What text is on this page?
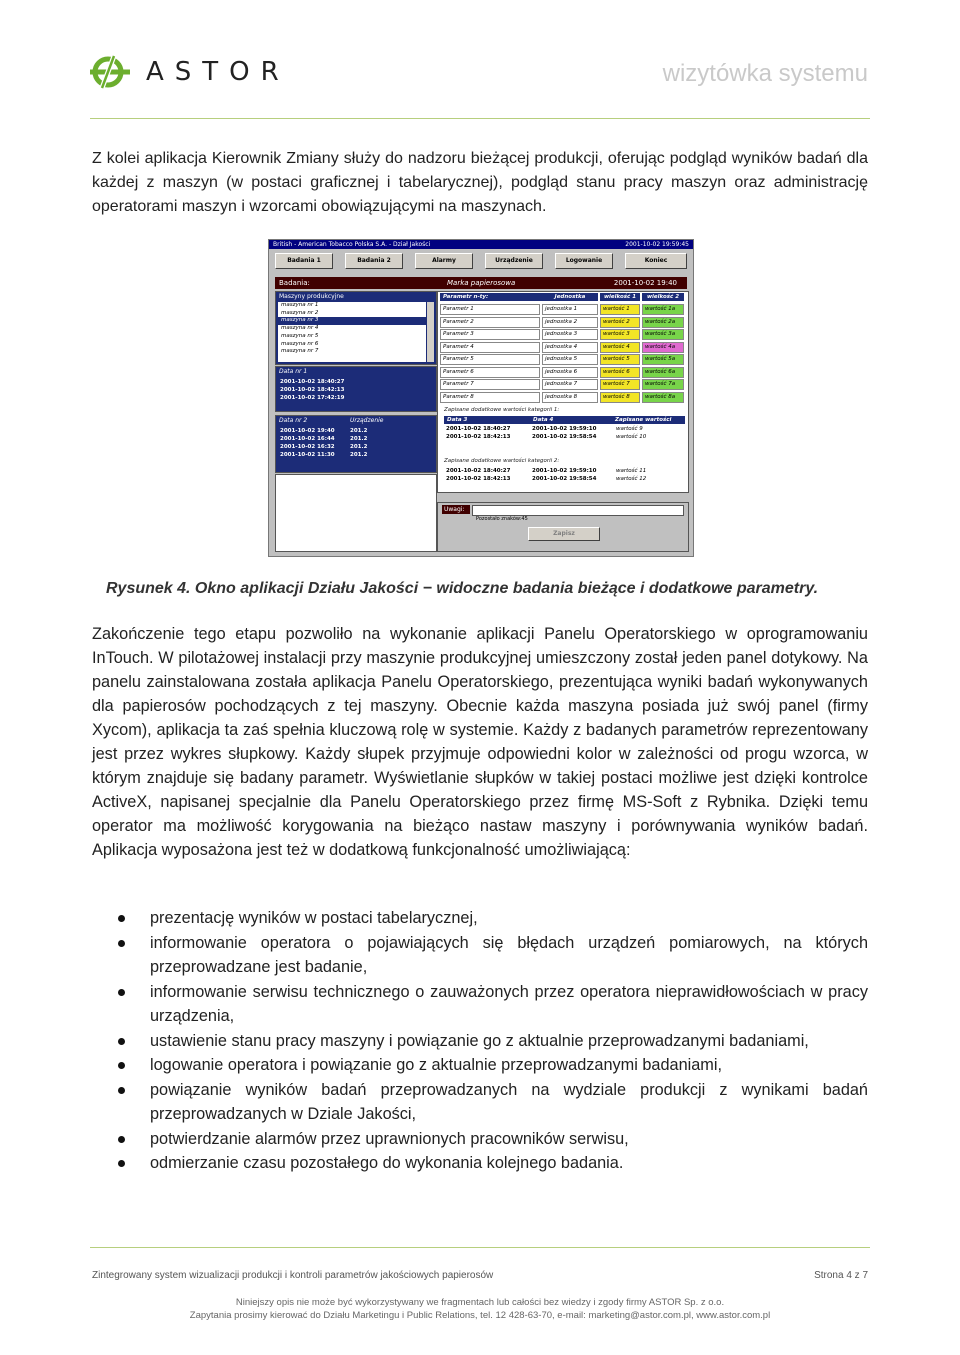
ASTOR	wizytówka systemu
Z kolei aplikacja Kierownik Zmiany służy do nadzoru bieżącej produkcji, oferując podgląd wyników badań dla każdej z maszyn (w postaci graficznej i tabelarycznej), podgląd stanu pracy maszyn oraz administrację operatorami maszyn i wzorcami obowiązującymi na maszynach.
British - American Tobacco Polska S.A. - Dział Jakości	2001-10-02 19:59:45
Badania 1	Badania 2	Alarmy	Urządzenie	Logowanie	Koniec
Badania:	Marka papierosowa	2001-10-02 19:40
Maszyny produkcyjne
maszyna nr 1
maszyna nr 2
maszyna nr 3
maszyna nr 4
maszyna nr 5
maszyna nr 6
maszyna nr 7
Data nr 1
2001-10-02 18:40:27
2001-10-02 18:42:13
2001-10-02 17:42:19
Data nr 2	Urządzenie
2001-10-02 19:40	201.2
2001-10-02 16:44	201.2
2001-10-02 16:32	201.2
2001-10-02 11:30	201.2
Parametr n-ty:	Jednostka	wielkość 1	wielkość 2
Parametr 1	jednostka 1	wartość 1	wartość 1a
Parametr 2	jednostka 2	wartość 2	wartość 2a
Parametr 3	jednostka 3	wartość 3	wartość 3a
Parametr 4	jednostka 4	wartość 4	wartość 4a
Parametr 5	jednostka 5	wartość 5	wartość 5a
Parametr 6	jednostka 6	wartość 6	wartość 6a
Parametr 7	jednostka 7	wartość 7	wartość 7a
Parametr 8	jednostka 8	wartość 8	wartość 8a
Zapisane dodatkowe wartości kategorii 1:
Data 3	Data 4	Zapisane wartości
2001-10-02 18:40:27	2001-10-02 19:59:10	wartość 9
2001-10-02 18:42:13	2001-10-02 19:58:54	wartość 10
Zapisane dodatkowe wartości kategorii 2:
2001-10-02 18:40:27	2001-10-02 19:59:10	wartość 11
2001-10-02 18:42:13	2001-10-02 19:58:54	wartość 12
Uwagi:
Pozostało znaków:45
Zapisz
Rysunek 4. Okno aplikacji Działu Jakości − widoczne badania bieżące i dodatkowe parametry.
Zakończenie tego etapu pozwoliło na wykonanie aplikacji Panelu Operatorskiego w oprogramowaniu InTouch. W pilotażowej instalacji przy maszynie produkcyjnej umieszczony został jeden panel dotykowy. Na panelu zainstalowana została aplikacja Panelu Operatorskiego, prezentująca wyniki badań wykonywanych dla papierosów pochodzących z tej maszyny. Obecnie każda maszyna posiada już swój panel (firmy Xycom), aplikacja ta zaś spełnia kluczową rolę w systemie. Każdy z badanych parametrów reprezentowany jest przez wykres słupkowy. Każdy słupek przyjmuje odpowiedni kolor w zależności od progu wzorca, w którym znajduje się badany parametr. Wyświetlanie słupków w takiej postaci możliwe jest dzięki kontrolce ActiveX, napisanej specjalnie dla Panelu Operatorskiego przez firmę MS-Soft z Rybnika. Dzięki temu operator ma możliwość korygowania na bieżąco nastaw maszyny i porównywania wyników badań. Aplikacja wyposażona jest też w dodatkową funkcjonalność umożliwiającą:
prezentację wyników w postaci tabelarycznej,
informowanie operatora o pojawiających się błędach urządzeń pomiarowych, na których przeprowadzane jest badanie,
informowanie serwisu technicznego o zauważonych przez operatora nieprawidłowościach w pracy urządzenia,
ustawienie stanu pracy maszyny i powiązanie go z aktualnie przeprowadzanymi badaniami,
logowanie operatora i powiązanie go z aktualnie przeprowadzanymi badaniami,
powiązanie wyników badań przeprowadzanych na wydziale produkcji z wynikami badań przeprowadzanych w Dziale Jakości,
potwierdzanie alarmów przez uprawnionych pracowników serwisu,
odmierzanie czasu pozostałego do wykonania kolejnego badania.
Zintegrowany system wizualizacji produkcji i kontroli parametrów jakościowych papierosów	Strona 4 z 7
Niniejszy opis nie może być wykorzystywany we fragmentach lub całości bez wiedzy i zgody firmy ASTOR Sp. z o.o.
Zapytania prosimy kierować do Działu Marketingu i Public Relations, tel. 12 428-63-70, e-mail: marketing@astor.com.pl, www.astor.com.pl
